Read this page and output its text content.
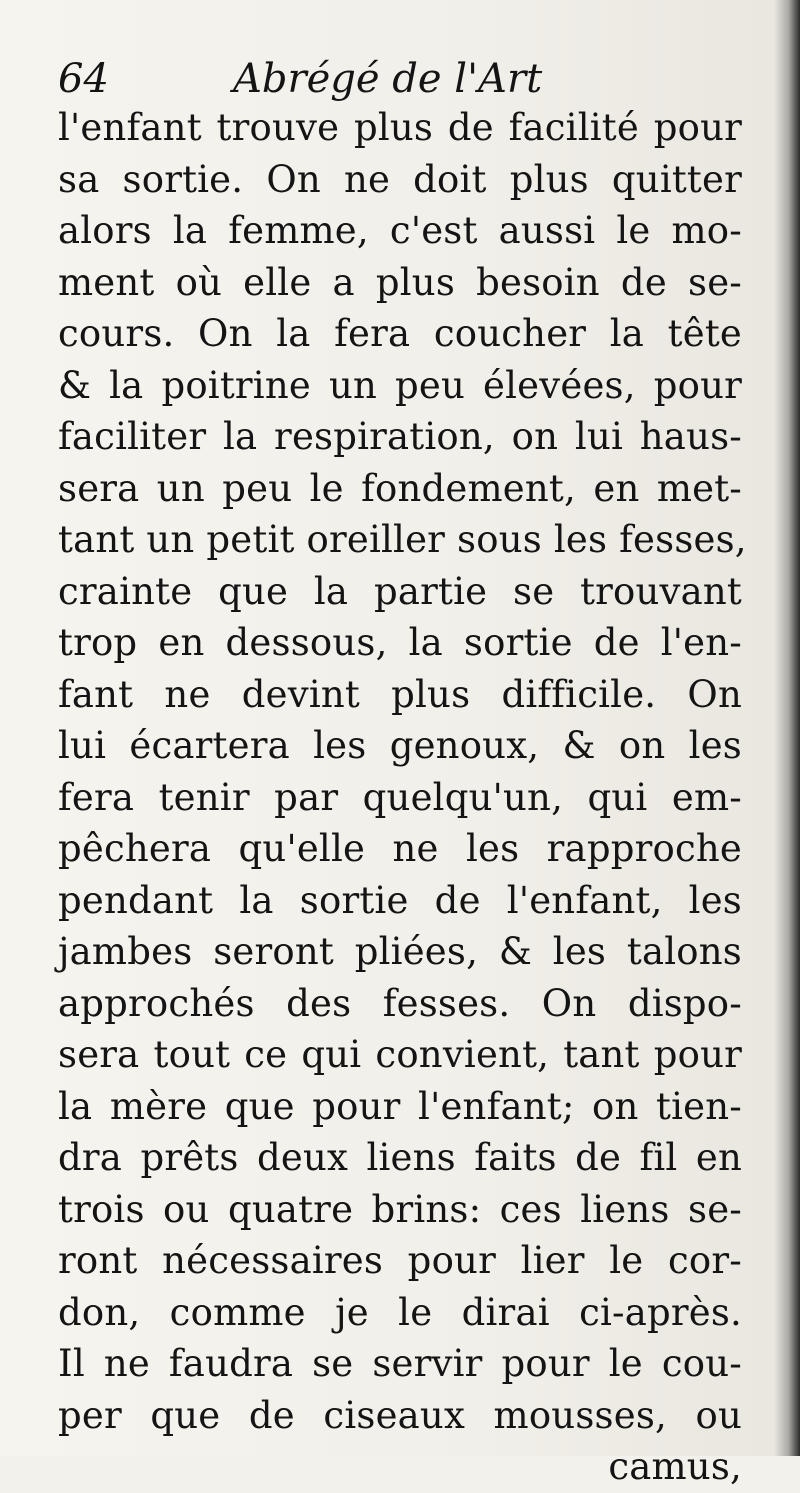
64	Abrégé de l'Art
l'enfant trouve plus de facilité pour
sa sortie. On ne doit plus quitter
alors la femme, c'est aussi le mo-
ment où elle a plus besoin de se-
cours. On la fera coucher la tête
& la poitrine un peu élevées, pour
faciliter la respiration, on lui haus-
sera un peu le fondement, en met-
tant un petit oreiller sous les fesses,
crainte que la partie se trouvant
trop en dessous, la sortie de l'en-
fant ne devint plus difficile. On
lui écartera les genoux, & on les
fera tenir par quelqu'un, qui em-
pêchera qu'elle ne les rapproche
pendant la sortie de l'enfant, les
jambes seront pliées, & les talons
approchés des fesses. On dispo-
sera tout ce qui convient, tant pour
la mère que pour l'enfant; on tien-
dra prêts deux liens faits de fil en
trois ou quatre brins: ces liens se-
ront nécessaires pour lier le cor-
don, comme je le dirai ci-après.
Il ne faudra se servir pour le cou-
per que de ciseaux mousses, ou
camus,
